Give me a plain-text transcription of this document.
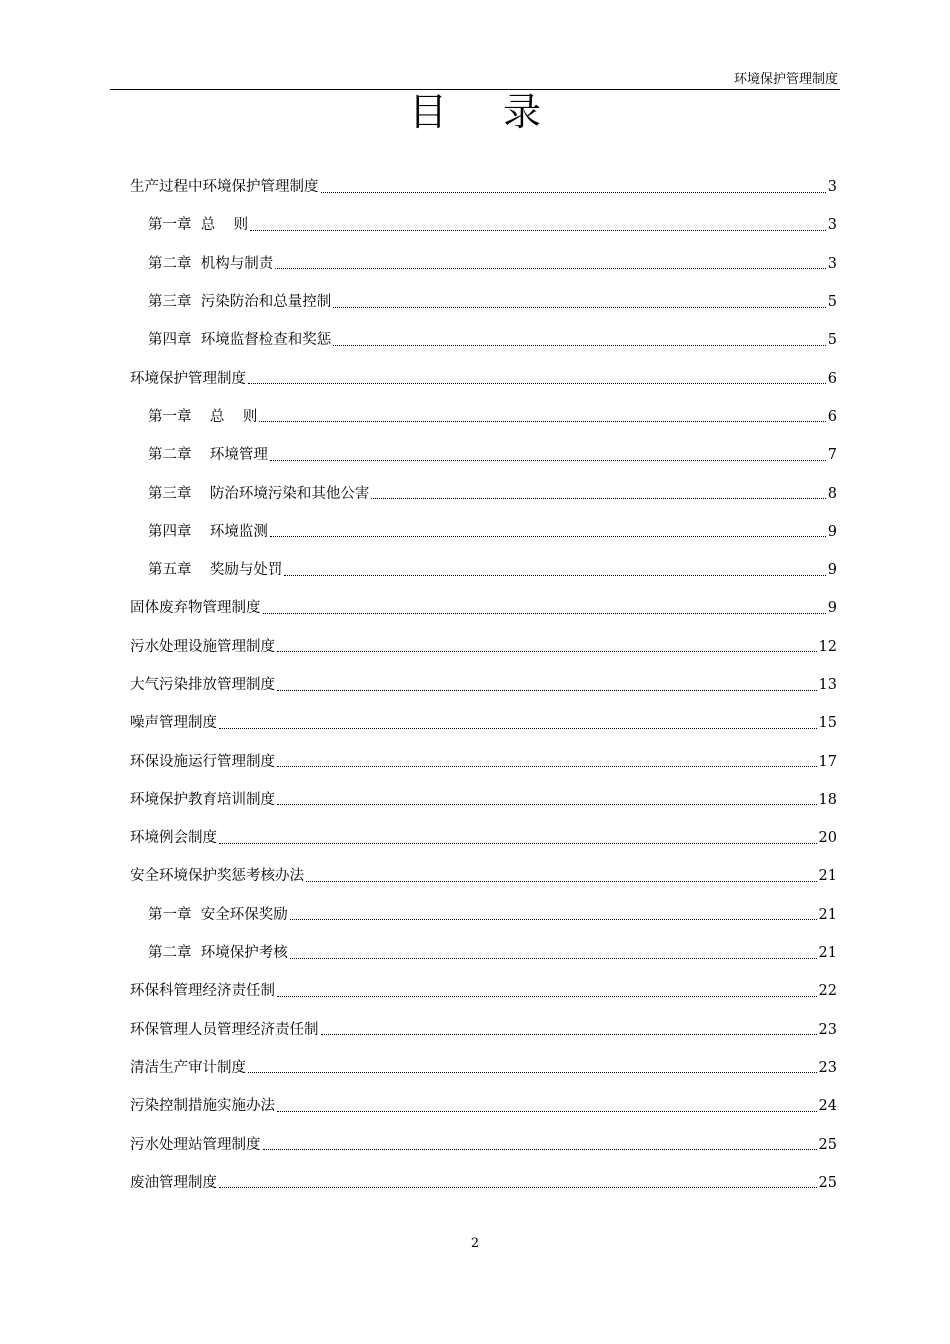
环境保护管理制度
目 录
生产过程中环境保护管理制度	3
第一章  总    则	3
第二章  机构与制责	3
第三章  污染防治和总量控制	5
第四章  环境监督检查和奖惩	5
环境保护管理制度	6
第一章    总    则	6
第二章    环境管理	7
第三章    防治环境污染和其他公害	8
第四章    环境监测	9
第五章    奖励与处罚	9
固体废弃物管理制度	9
污水处理设施管理制度	12
大气污染排放管理制度	13
噪声管理制度	15
环保设施运行管理制度	17
环境保护教育培训制度	18
环境例会制度	20
安全环境保护奖惩考核办法	21
第一章  安全环保奖励	21
第二章  环境保护考核	21
环保科管理经济责任制	22
环保管理人员管理经济责任制	23
清洁生产审计制度	23
污染控制措施实施办法	24
污水处理站管理制度	25
废油管理制度	25
2
